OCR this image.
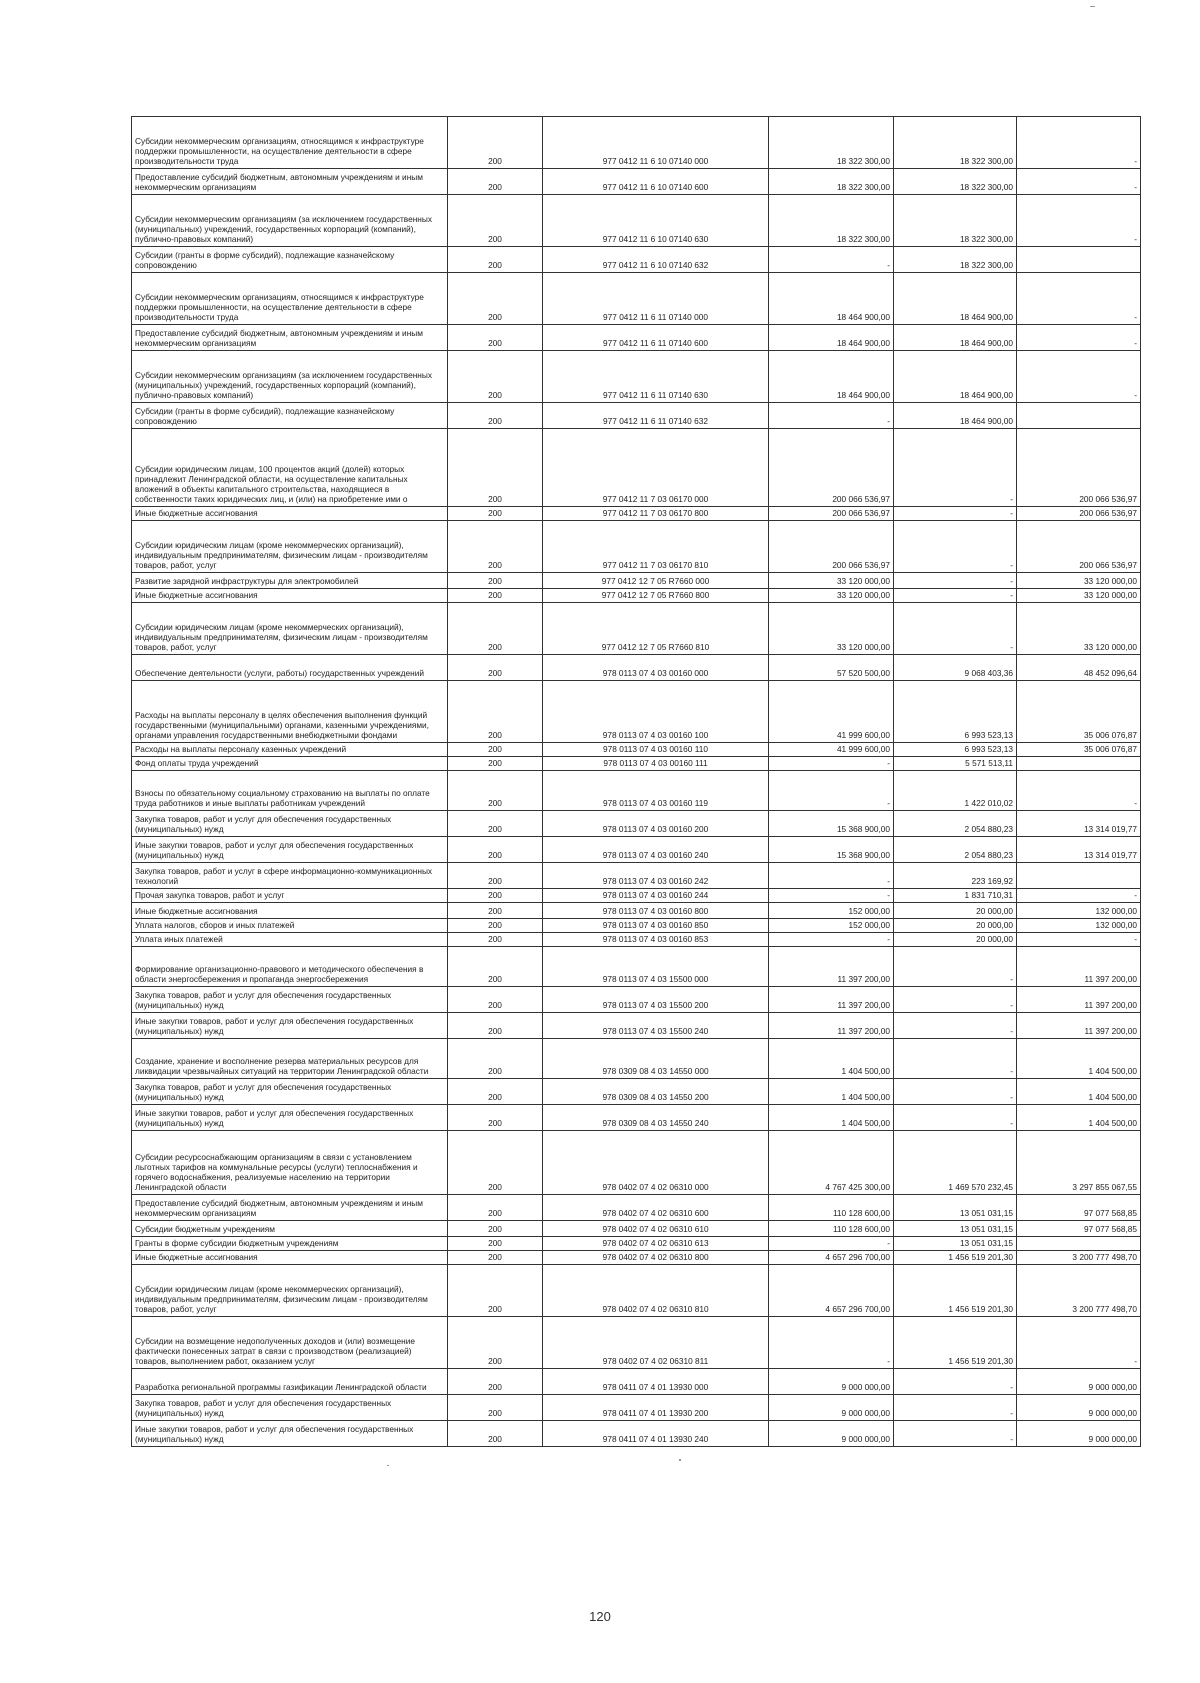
Субсидии некоммерческим организациям, относящимся к инфраструктуре поддержки промышленности, на осуществление деятельности в сфере производительности труда	200	977 0412 11 6 10 07140 000	18 322 300,00	18 322 300,00	-
Предоставление субсидий бюджетным, автономным учреждениям и иным некоммерческим организациям	200	977 0412 11 6 10 07140 600	18 322 300,00	18 322 300,00	-
Субсидии некоммерческим организациям (за исключением государственных (муниципальных) учреждений, государственных корпораций (компаний), публично-правовых компаний)	200	977 0412 11 6 10 07140 630	18 322 300,00	18 322 300,00	-
Субсидии (гранты в форме субсидий), подлежащие казначейскому сопровождению	200	977 0412 11 6 10 07140 632	-	18 322 300,00	
Субсидии некоммерческим организациям, относящимся к инфраструктуре поддержки промышленности, на осуществление деятельности в сфере производительности труда	200	977 0412 11 6 11 07140 000	18 464 900,00	18 464 900,00	-
Предоставление субсидий бюджетным, автономным учреждениям и иным некоммерческим организациям	200	977 0412 11 6 11 07140 600	18 464 900,00	18 464 900,00	-
Субсидии некоммерческим организациям (за исключением государственных (муниципальных) учреждений, государственных корпораций (компаний), публично-правовых компаний)	200	977 0412 11 6 11 07140 630	18 464 900,00	18 464 900,00	-
Субсидии (гранты в форме субсидий), подлежащие казначейскому сопровождению	200	977 0412 11 6 11 07140 632	-	18 464 900,00	
Субсидии юридическим лицам, 100 процентов акций (долей) которых принадлежит Ленинградской области, на осуществление капитальных вложений в объекты капитального строительства, находящиеся в собственности таких юридических лиц, и (или) на приобретение ими о	200	977 0412 11 7 03 06170 000	200 066 536,97	-	200 066 536,97
Иные бюджетные ассигнования	200	977 0412 11 7 03 06170 800	200 066 536,97	-	200 066 536,97
Субсидии юридическим лицам (кроме некоммерческих организаций), индивидуальным предпринимателям, физическим лицам - производителям товаров, работ, услуг	200	977 0412 11 7 03 06170 810	200 066 536,97	-	200 066 536,97
Развитие зарядной инфраструктуры для электромобилей	200	977 0412 12 7 05 R7660 000	33 120 000,00	-	33 120 000,00
Иные бюджетные ассигнования	200	977 0412 12 7 05 R7660 800	33 120 000,00	-	33 120 000,00
Субсидии юридическим лицам (кроме некоммерческих организаций), индивидуальным предпринимателям, физическим лицам - производителям товаров, работ, услуг	200	977 0412 12 7 05 R7660 810	33 120 000,00	-	33 120 000,00
Обеспечение деятельности (услуги, работы) государственных учреждений	200	978 0113 07 4 03 00160 000	57 520 500,00	9 068 403,36	48 452 096,64
Расходы на выплаты персоналу в целях обеспечения выполнения функций государственными (муниципальными) органами, казенными учреждениями, органами управления государственными внебюджетными фондами	200	978 0113 07 4 03 00160 100	41 999 600,00	6 993 523,13	35 006 076,87
Расходы на выплаты персоналу казенных учреждений	200	978 0113 07 4 03 00160 110	41 999 600,00	6 993 523,13	35 006 076,87
Фонд оплаты труда учреждений	200	978 0113 07 4 03 00160 111	-	5 571 513,11	
Взносы по обязательному социальному страхованию на выплаты по оплате труда работников и иные выплаты работникам учреждений	200	978 0113 07 4 03 00160 119	-	1 422 010,02	-
Закупка товаров, работ и услуг для обеспечения государственных (муниципальных) нужд	200	978 0113 07 4 03 00160 200	15 368 900,00	2 054 880,23	13 314 019,77
Иные закупки товаров, работ и услуг для обеспечения государственных (муниципальных) нужд	200	978 0113 07 4 03 00160 240	15 368 900,00	2 054 880,23	13 314 019,77
Закупка товаров, работ и услуг в сфере информационно-коммуникационных технологий	200	978 0113 07 4 03 00160 242	-	223 169,92	
Прочая закупка товаров, работ и услуг	200	978 0113 07 4 03 00160 244	-	1 831 710,31	-
Иные бюджетные ассигнования	200	978 0113 07 4 03 00160 800	152 000,00	20 000,00	132 000,00
Уплата налогов, сборов и иных платежей	200	978 0113 07 4 03 00160 850	152 000,00	20 000,00	132 000,00
Уплата иных платежей	200	978 0113 07 4 03 00160 853	-	20 000,00	-
Формирование организационно-правового и методического обеспечения в области энергосбережения и пропаганда энергосбережения	200	978 0113 07 4 03 15500 000	11 397 200,00	-	11 397 200,00
Закупка товаров, работ и услуг для обеспечения государственных (муниципальных) нужд	200	978 0113 07 4 03 15500 200	11 397 200,00	-	11 397 200,00
Иные закупки товаров, работ и услуг для обеспечения государственных (муниципальных) нужд	200	978 0113 07 4 03 15500 240	11 397 200,00	-	11 397 200,00
Создание, хранение и восполнение резерва материальных ресурсов для ликвидации чрезвычайных ситуаций на территории Ленинградской области	200	978 0309 08 4 03 14550 000	1 404 500,00	-	1 404 500,00
Закупка товаров, работ и услуг для обеспечения государственных (муниципальных) нужд	200	978 0309 08 4 03 14550 200	1 404 500,00	-	1 404 500,00
Иные закупки товаров, работ и услуг для обеспечения государственных (муниципальных) нужд	200	978 0309 08 4 03 14550 240	1 404 500,00	-	1 404 500,00
Субсидии ресурсоснабжающим организациям в связи с установлением льготных тарифов на коммунальные ресурсы (услуги) теплоснабжения и горячего водоснабжения, реализуемые населению на территории Ленинградской области	200	978 0402 07 4 02 06310 000	4 767 425 300,00	1 469 570 232,45	3 297 855 067,55
Предоставление субсидий бюджетным, автономным учреждениям и иным некоммерческим организациям	200	978 0402 07 4 02 06310 600	110 128 600,00	13 051 031,15	97 077 568,85
Субсидии бюджетным учреждениям	200	978 0402 07 4 02 06310 610	110 128 600,00	13 051 031,15	97 077 568,85
Гранты в форме субсидии бюджетным учреждениям	200	978 0402 07 4 02 06310 613	-	13 051 031,15	
Иные бюджетные ассигнования	200	978 0402 07 4 02 06310 800	4 657 296 700,00	1 456 519 201,30	3 200 777 498,70
Субсидии юридическим лицам (кроме некоммерческих организаций), индивидуальным предпринимателям, физическим лицам - производителям товаров, работ, услуг	200	978 0402 07 4 02 06310 810	4 657 296 700,00	1 456 519 201,30	3 200 777 498,70
Субсидии на возмещение недополученных доходов и (или) возмещение фактически понесенных затрат в связи с производством (реализацией) товаров, выполнением работ, оказанием услуг	200	978 0402 07 4 02 06310 811	-	1 456 519 201,30	-
Разработка региональной программы газификации Ленинградской области	200	978 0411 07 4 01 13930 000	9 000 000,00	-	9 000 000,00
Закупка товаров, работ и услуг для обеспечения государственных (муниципальных) нужд	200	978 0411 07 4 01 13930 200	9 000 000,00	-	9 000 000,00
Иные закупки товаров, работ и услуг для обеспечения государственных (муниципальных) нужд	200	978 0411 07 4 01 13930 240	9 000 000,00	-	9 000 000,00
120
